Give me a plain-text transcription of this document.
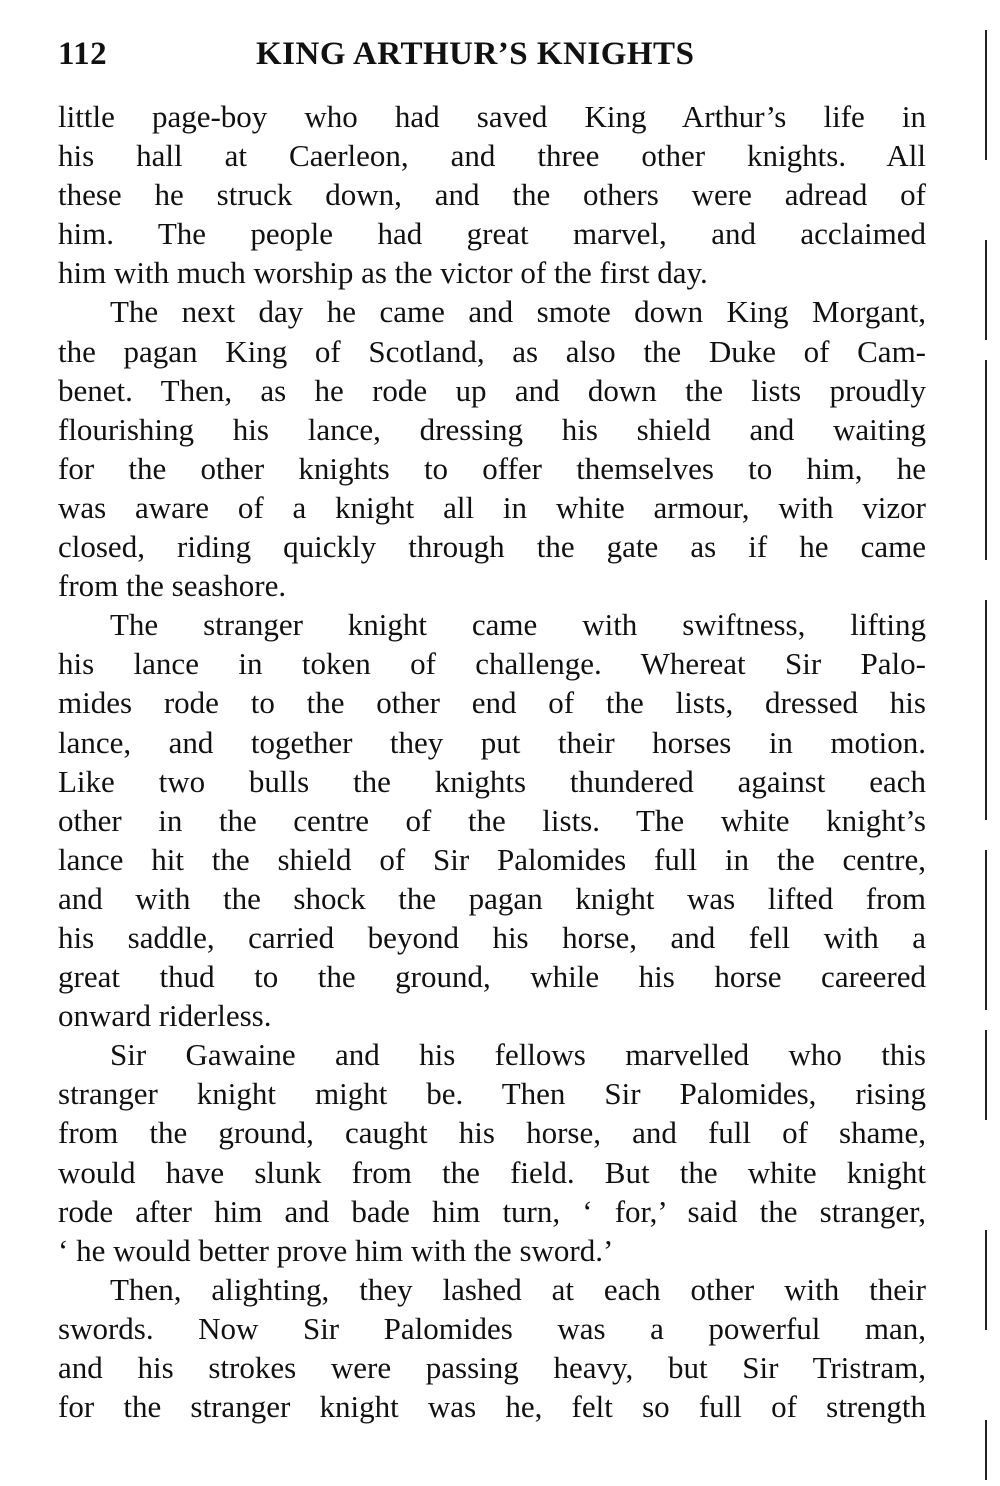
112	KING ARTHUR’S KNIGHTS
little page-boy who had saved King Arthur’s life in
his hall at Caerleon, and three other knights. All
these he struck down, and the others were adread of
him. The people had great marvel, and acclaimed
him with much worship as the victor of the first day.
The next day he came and smote down King Morgant,
the pagan King of Scotland, as also the Duke of Cam-
benet. Then, as he rode up and down the lists proudly
flourishing his lance, dressing his shield and waiting
for the other knights to offer themselves to him, he
was aware of a knight all in white armour, with vizor
closed, riding quickly through the gate as if he came
from the seashore.
The stranger knight came with swiftness, lifting
his lance in token of challenge. Whereat Sir Palo-
mides rode to the other end of the lists, dressed his
lance, and together they put their horses in motion.
Like two bulls the knights thundered against each
other in the centre of the lists. The white knight’s
lance hit the shield of Sir Palomides full in the centre,
and with the shock the pagan knight was lifted from
his saddle, carried beyond his horse, and fell with a
great thud to the ground, while his horse careered
onward riderless.
Sir Gawaine and his fellows marvelled who this
stranger knight might be. Then Sir Palomides, rising
from the ground, caught his horse, and full of shame,
would have slunk from the field. But the white knight
rode after him and bade him turn, ‘ for,’ said the stranger,
‘ he would better prove him with the sword.’
Then, alighting, they lashed at each other with their
swords. Now Sir Palomides was a powerful man,
and his strokes were passing heavy, but Sir Tristram,
for the stranger knight was he, felt so full of strength
